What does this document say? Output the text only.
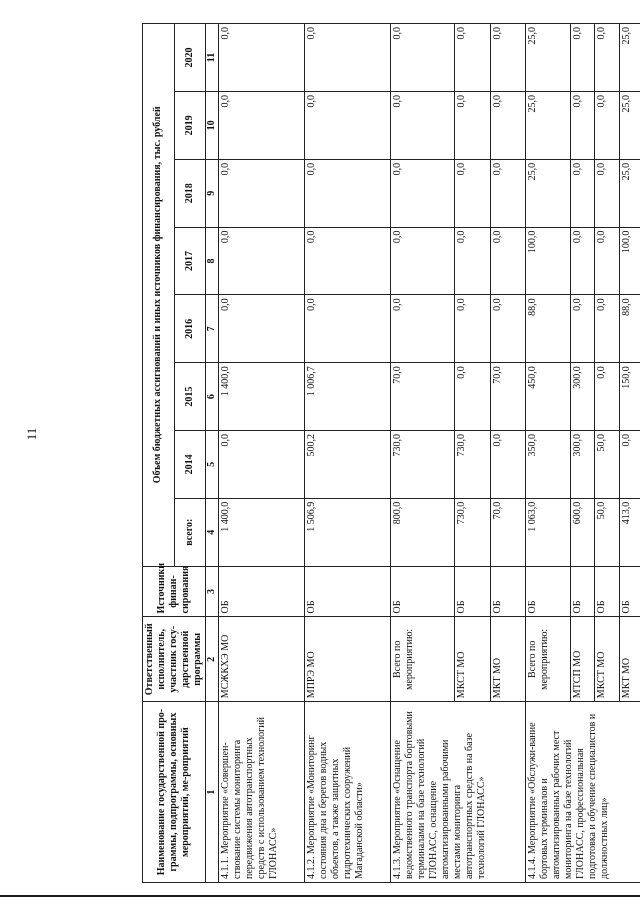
11
Наименование государственной про-граммы, подпрограммы, основных мероприятий, ме-роприятий	Ответственный исполнитель, участник госу-дарственной программы	Источники финан-сирования	Объем бюджетных ассигнований и иных источников финансирования, тыс. рублей							
			всего:	2014	2015	2016	2017	2018	2019	2020
1	2	3	4	5	6	7	8	9	10	11
4.1.1. Мероприятие «Совершен-ствование системы мониторинга передвижения автотранспортных средств с использованием технологий ГЛОНАСС»	МСЖКХЭ МО	ОБ	1 400,0	0,0	1 400,0	0,0	0,0	0,0	0,0	0,0
4.1.2. Мероприятие «Мониторинг состояния дна и берегов водных объектов, а также защитных гидротехнических сооружений Магаданской области»	МПРЭ МО	ОБ	1 506,9	500,2	1 006,7	0,0	0,0	0,0	0,0	0,0
4.1.3. Мероприятие «Оснащение ведомственного транспорта бортовыми терминалами на базе технологий ГЛОНАСС, оснащение автоматизированными рабочими местами мониторинга автотранспортных средств на базе технологий ГЛОНАСС»	Всего по мероприятию:	ОБ	800,0	730,0	70,0	0,0	0,0	0,0	0,0	0,0
	МКСТ МО	ОБ	730,0	730,0	0,0	0,0	0,0	0,0	0,0	0,0
	МКТ МО	ОБ	70,0	0,0	70,0	0,0	0,0	0,0	0,0	0,0
4.1.4. Мероприятие «Обслужи-вание бортовых терминалов и автоматизированных рабочих мест мониторинга на базе технологий ГЛОНАСС, профессиональная подготовка и обучение специалистов и должностных лиц»	Всего по мероприятию:	ОБ	1 063,0	350,0	450,0	88,0	100,0	25,0	25,0	25,0
	МТСП МО	ОБ	600,0	300,0	300,0	0,0	0,0	0,0	0,0	0,0
	МКСТ МО	ОБ	50,0	50,0	0,0	0,0	0,0	0,0	0,0	0,0
	МКТ МО	ОБ	413,0	0,0	150,0	88,0	100,0	25,0	25,0	25,0
